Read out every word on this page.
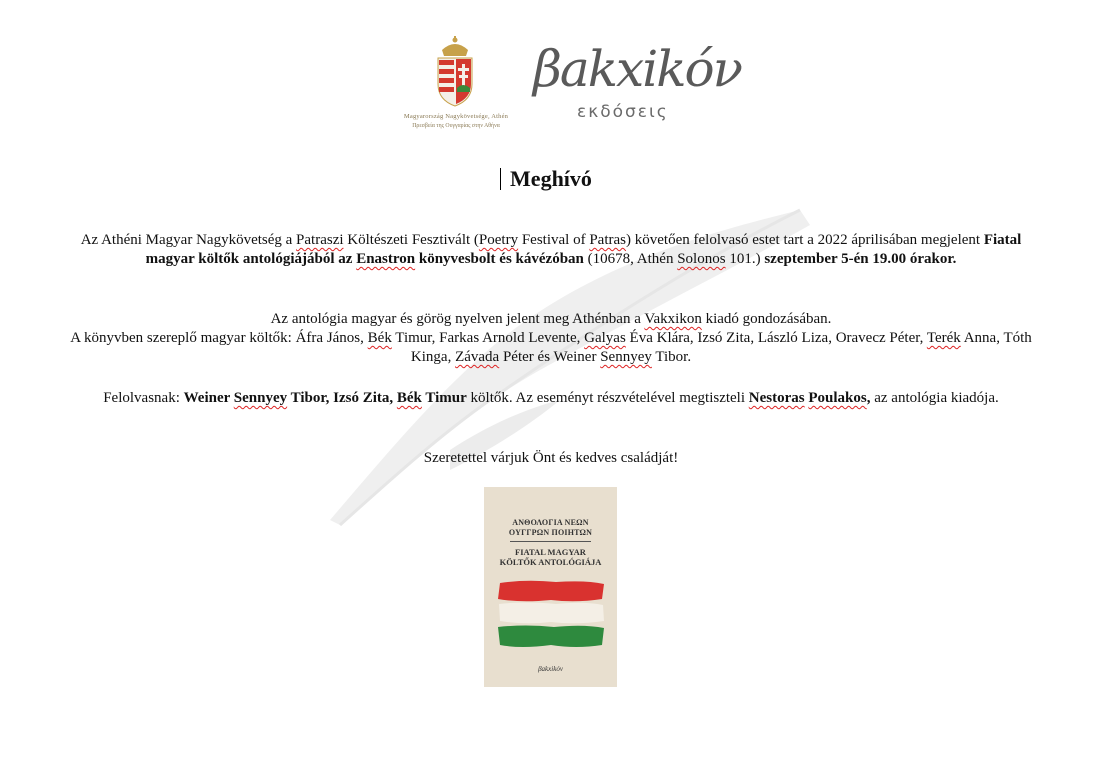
Magyarország Nagykövetsége, Athén
Πρεσβεία της Ουγγαρίας στην Αθήνα
βakxikόν
εκδόσεις
Meghívó

Az Athéni Magyar Nagykövetség a Patraszi Költészeti Fesztivált (Poetry Festival of Patras) követően felolvasó estet tart a 2022 áprilisában megjelent Fiatal magyar költők antológiájából az Enastron könyvesbolt és kávézóban (10678, Athén Solonos 101.) szeptember 5-én 19.00 órakor.

Az antológia magyar és görög nyelven jelent meg Athénban a Vakxikon kiadó gondozásában.
A könyvben szereplő magyar költők: Áfra János, Bék Timur, Farkas Arnold Levente, Galyas Éva Klára, Izsó Zita, László Liza, Oravecz Péter, Terék Anna, Tóth Kinga, Závada Péter és Weiner Sennyey Tibor.

Felolvasnak: Weiner Sennyey Tibor, Izsó Zita, Bék Timur költők. Az eseményt részvételével megtiszteli Nestoras Poulakos, az antológia kiadója.

Szeretettel várjuk Önt és kedves családját!

ΑΝΘΟΛΟΓΙΑ ΝΕΩΝ
ΟΥΓΓΡΩΝ ΠΟΙΗΤΩΝ
FIATAL MAGYAR
KÖLTŐK ANTOLÓGIÁJA
βakxikόν
